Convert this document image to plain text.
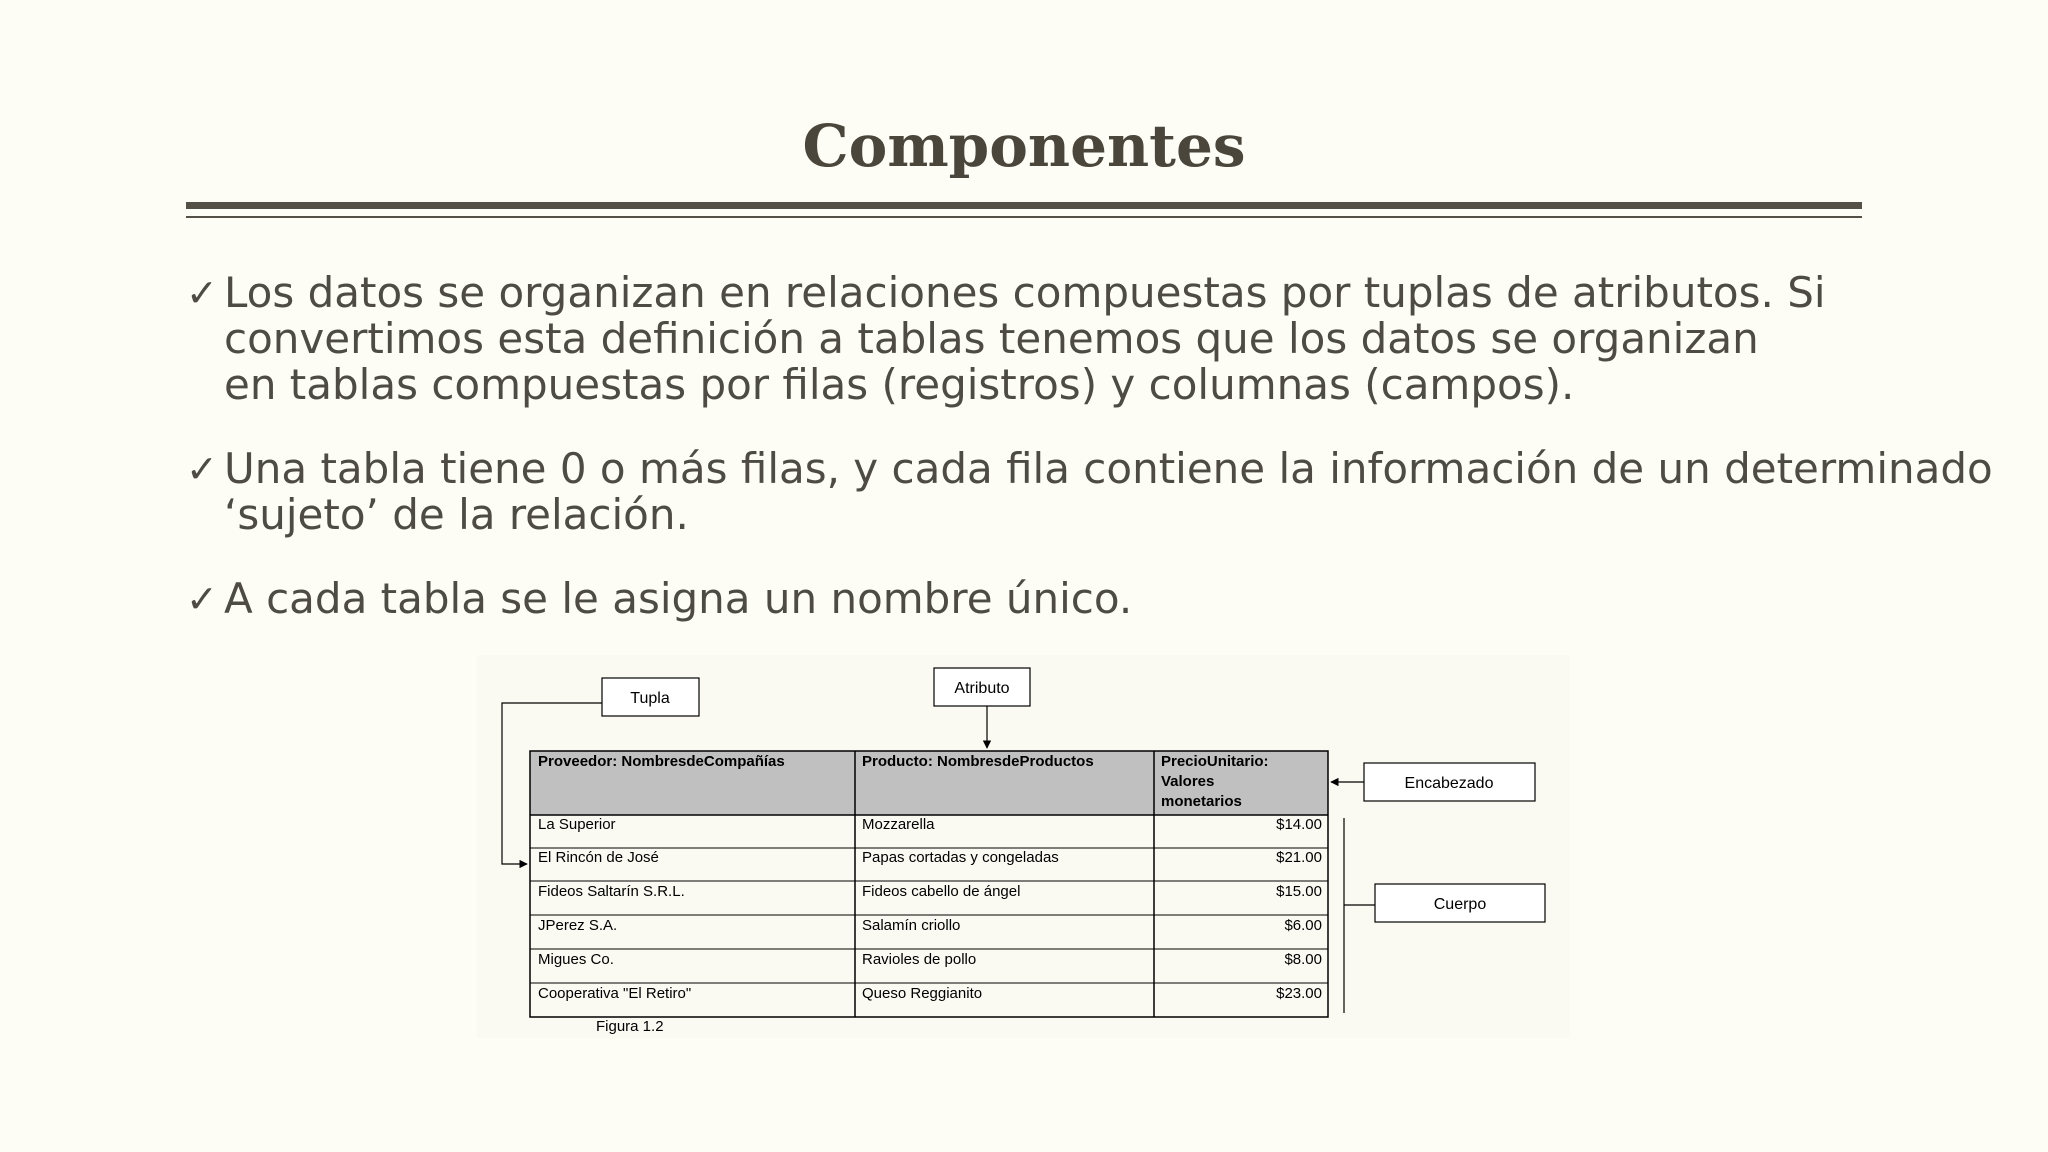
Componentes
✓ Los datos se organizan en relaciones compuestas por tuplas de atributos. Si
convertimos esta definición a tablas tenemos que los datos se organizan
en tablas compuestas por filas (registros) y columnas (campos).
✓ Una tabla tiene 0 o más filas, y cada fila contiene la información de un determinado
‘sujeto’ de la relación.
✓ A cada tabla se le asigna un nombre único.
Proveedor: NombresdeCompañías	Producto: NombresdeProductos	PrecioUnitario:
Valores
monetarios
La Superior	Mozzarella	$14.00
El Rincón de José	Papas cortadas y congeladas	$21.00
Fideos Saltarín S.R.L.	Fideos cabello de ángel	$15.00
JPerez S.A.	Salamín criollo	$6.00
Migues Co.	Ravioles de pollo	$8.00
Cooperativa "El Retiro"	Queso Reggianito	$23.00
Tupla
Atributo
Encabezado
Cuerpo
Figura 1.2
